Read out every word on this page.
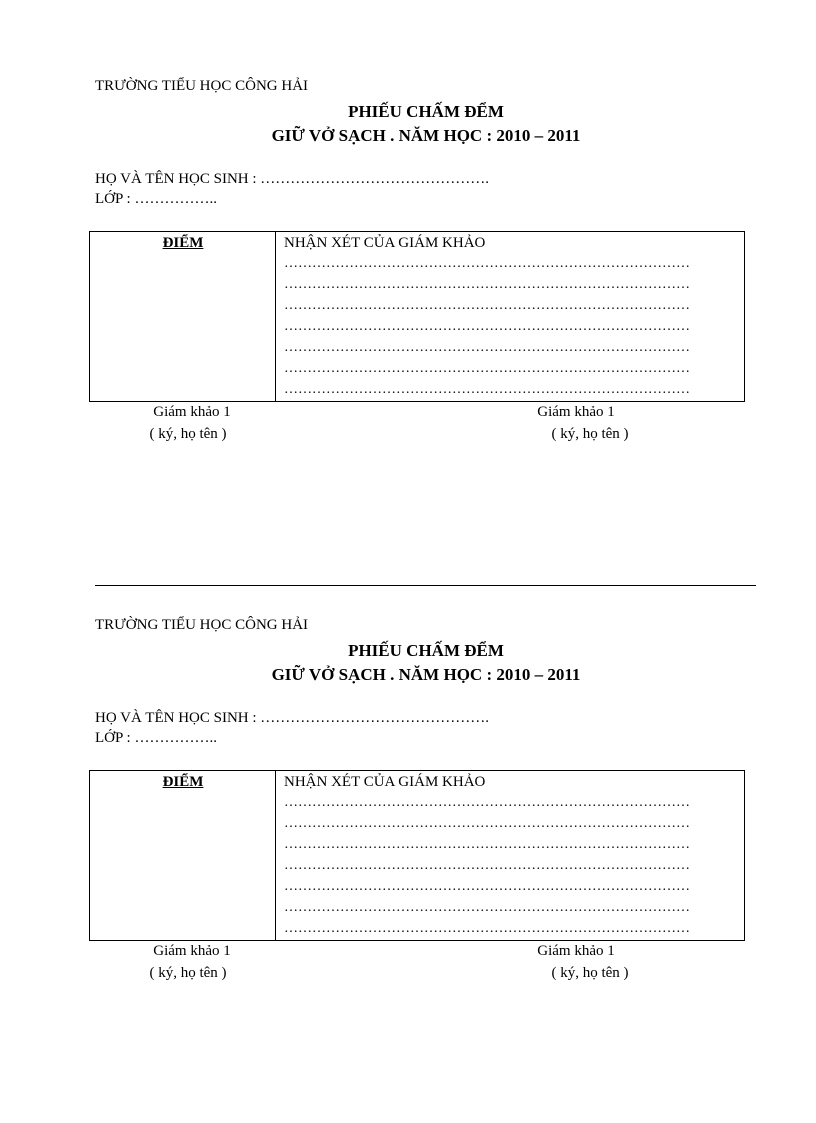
TRƯỜNG TIỂU HỌC CÔNG HẢI
PHIẾU CHẤM ĐỂM
GIỮ VỞ SẠCH . NĂM HỌC : 2010 – 2011
HỌ VÀ TÊN HỌC SINH : ……………………………………….
LỚP : ……………..
ĐIỂM	NHẬN XÉT CỦA GIÁM KHẢO
……………………………………………………………………………
……………………………………………………………………………
……………………………………………………………………………
……………………………………………………………………………
……………………………………………………………………………
……………………………………………………………………………
……………………………………………………………………………
Giám khảo 1
( ký, họ tên )
Giám khảo 1
( ký, họ tên )
TRƯỜNG TIỂU HỌC CÔNG HẢI
PHIẾU CHẤM ĐỂM
GIỮ VỞ SẠCH . NĂM HỌC : 2010 – 2011
HỌ VÀ TÊN HỌC SINH : ……………………………………….
LỚP : ……………..
ĐIỂM	NHẬN XÉT CỦA GIÁM KHẢO
……………………………………………………………………………
……………………………………………………………………………
……………………………………………………………………………
……………………………………………………………………………
……………………………………………………………………………
……………………………………………………………………………
……………………………………………………………………………
Giám khảo 1
( ký, họ tên )
Giám khảo 1
( ký, họ tên )
